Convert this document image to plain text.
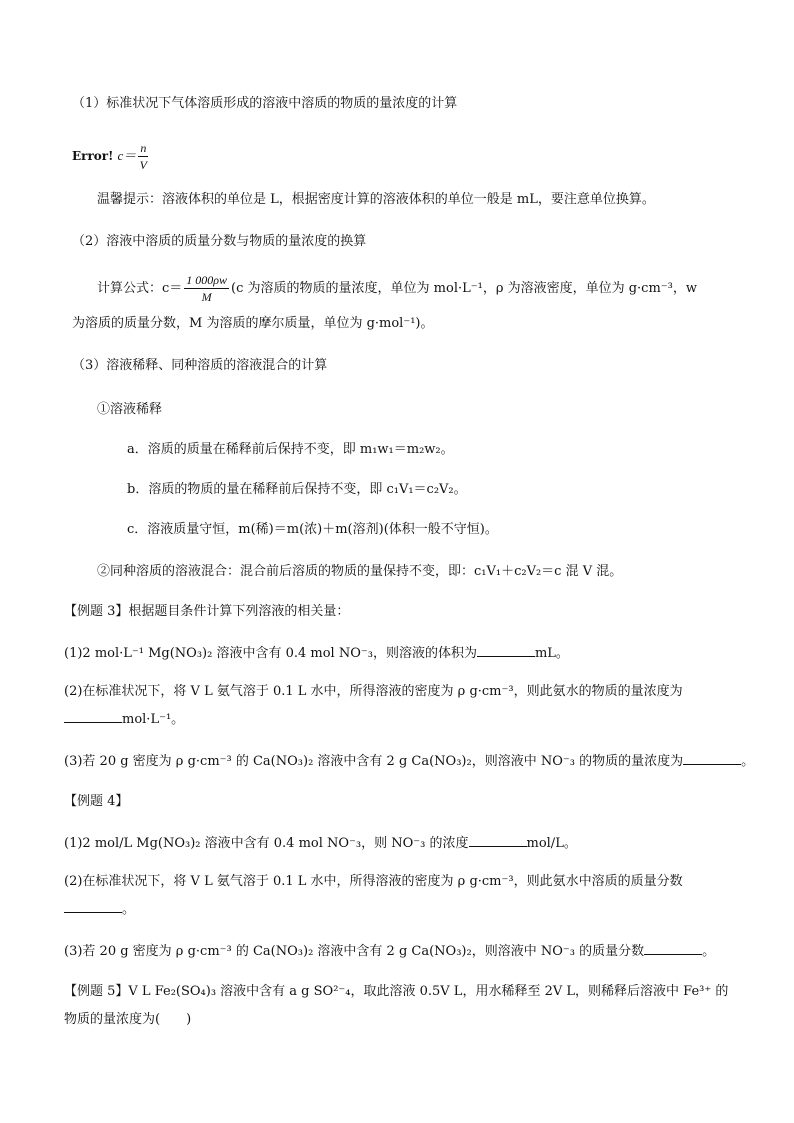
（1）标准状况下气体溶质形成的溶液中溶质的物质的量浓度的计算
Error! $c= \frac{n}{V}$
温馨提示：溶液体积的单位是 L，根据密度计算的溶液体积的单位一般是 mL，要注意单位换算。
（2）溶液中溶质的质量分数与物质的量浓度的换算
计算公式：$c= \frac{1 000\rho w}{M} (c$ 为溶质的物质的量浓度，单位为 mol·L⁻¹，ρ 为溶液密度，单位为 g·cm⁻³，w
为溶质的质量分数，M 为溶质的摩尔质量，单位为 g·mol⁻¹)。
（3）溶液稀释、同种溶质的溶液混合的计算
①溶液稀释
a．溶质的质量在稀释前后保持不变，即 m₁w₁＝m₂w₂。
b．溶质的物质的量在稀释前后保持不变，即 c₁V₁＝c₂V₂。
c．溶液质量守恒，m(稀)＝m(浓)＋m(溶剂)(体积一般不守恒)。
②同种溶质的溶液混合：混合前后溶质的物质的量保持不变，即：c₁V₁＋c₂V₂＝c 混 V 混。
【例题 3】根据题目条件计算下列溶液的相关量：
(1)2 mol·L⁻¹ Mg(NO₃)₂ 溶液中含有 0.4 mol NO⁻₃，则溶液的体积为	mL。
(2)在标准状况下，将 V L 氨气溶于 0.1 L 水中，所得溶液的密度为 ρ g·cm⁻³，则此氨水的物质的量浓度为
mol·L⁻¹。
(3)若 20 g 密度为 ρ g·cm⁻³ 的 Ca(NO₃)₂ 溶液中含有 2 g Ca(NO₃)₂，则溶液中 NO⁻₃ 的物质的量浓度为	。
【例题 4】
(1)2 mol/L Mg(NO₃)₂ 溶液中含有 0.4 mol NO⁻₃，则 NO⁻₃ 的浓度	mol/L。
(2)在标准状况下，将 V L 氨气溶于 0.1 L 水中，所得溶液的密度为 ρ g·cm⁻³，则此氨水中溶质的质量分数
。
(3)若 20 g 密度为 ρ g·cm⁻³ 的 Ca(NO₃)₂ 溶液中含有 2 g Ca(NO₃)₂，则溶液中 NO⁻₃ 的质量分数	。
【例题 5】V L Fe₂(SO₄)₃ 溶液中含有 a g SO²⁻₄，取此溶液 0.5V L，用水稀释至 2V L，则稀释后溶液中 Fe³⁺ 的
物质的量浓度为(　　)
